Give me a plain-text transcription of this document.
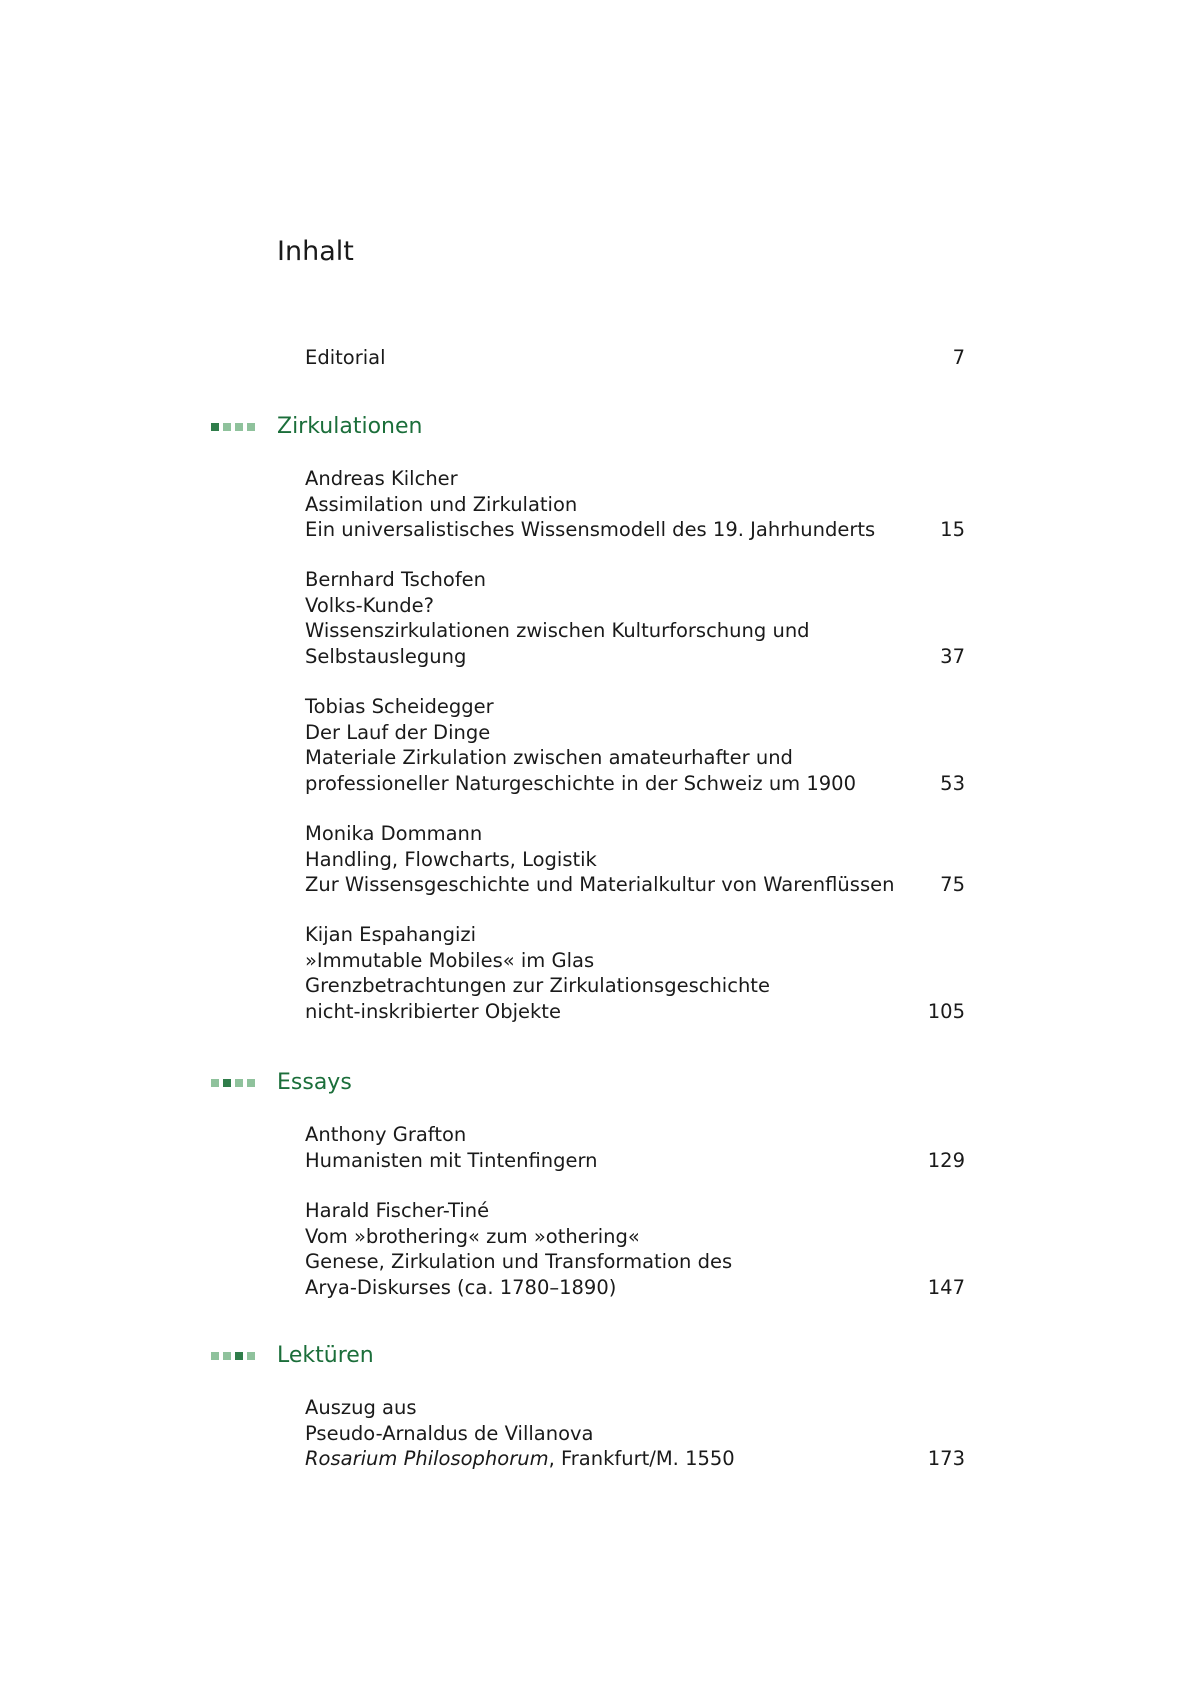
Inhalt
Editorial	7
Zirkulationen
Andreas Kilcher
Assimilation und Zirkulation
Ein universalistisches Wissensmodell des 19. Jahrhunderts	15
Bernhard Tschofen
Volks-Kunde?
Wissenszirkulationen zwischen Kulturforschung und
Selbstauslegung	37
Tobias Scheidegger
Der Lauf der Dinge
Materiale Zirkulation zwischen amateurhafter und
professioneller Naturgeschichte in der Schweiz um 1900	53
Monika Dommann
Handling, Flowcharts, Logistik
Zur Wissensgeschichte und Materialkultur von Warenflüssen	75
Kijan Espahangizi
»Immutable Mobiles« im Glas
Grenzbetrachtungen zur Zirkulationsgeschichte
nicht-inskribierter Objekte	105
Essays
Anthony Grafton
Humanisten mit Tintenfingern	129
Harald Fischer-Tiné
Vom »brothering« zum »othering«
Genese, Zirkulation und Transformation des
Arya-Diskurses (ca. 1780–1890)	147
Lektüren
Auszug aus
Pseudo-Arnaldus de Villanova
Rosarium Philosophorum, Frankfurt/M. 1550	173
